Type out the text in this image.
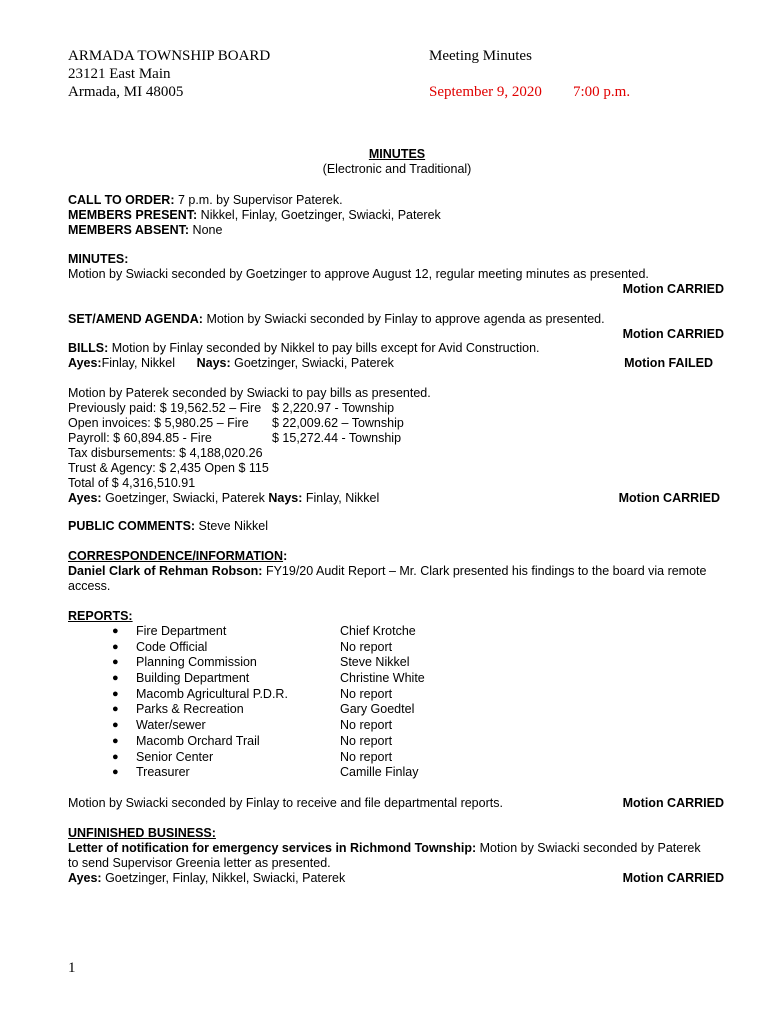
ARMADA TOWNSHIP BOARD
23121 East Main
Armada, MI 48005
Meeting Minutes
September 9, 2020 7:00 p.m.
MINUTES
(Electronic and Traditional)
CALL TO ORDER: 7 p.m. by Supervisor Paterek.
MEMBERS PRESENT: Nikkel, Finlay, Goetzinger, Swiacki, Paterek
MEMBERS ABSENT: None
MINUTES:
Motion by Swiacki seconded by Goetzinger to approve August 12, regular meeting minutes as presented.
Motion CARRIED
SET/AMEND AGENDA: Motion by Swiacki seconded by Finlay to approve agenda as presented.
Motion CARRIED
BILLS: Motion by Finlay seconded by Nikkel to pay bills except for Avid Construction.
Ayes:Finlay, Nikkel Nays: Goetzinger, Swiacki, Paterek	Motion FAILED
Motion by Paterek seconded by Swiacki to pay bills as presented.
Previously paid: $ 19,562.52 – Fire $ 2,220.97 - Township
Open invoices: $ 5,980.25 – Fire $ 22,009.62 – Township
Payroll: $ 60,894.85 - Fire	$ 15,272.44 - Township
Tax disbursements: $ 4,188,020.26
Trust & Agency: $ 2,435 Open $ 115
Total of $ 4,316,510.91
Ayes: Goetzinger, Swiacki, Paterek Nays: Finlay, Nikkel	Motion CARRIED
PUBLIC COMMENTS: Steve Nikkel
CORRESPONDENCE/INFORMATION:
Daniel Clark of Rehman Robson: FY19/20 Audit Report – Mr. Clark presented his findings to the board via remote
access.
REPORTS:
● Fire Department	Chief Krotche
● Code Official	No report
● Planning Commission	Steve Nikkel
● Building Department	Christine White
● Macomb Agricultural P.D.R.	No report
● Parks & Recreation	Gary Goedtel
● Water/sewer	No report
● Macomb Orchard Trail	No report
● Senior Center	No report
● Treasurer	Camille Finlay
Motion by Swiacki seconded by Finlay to receive and file departmental reports.	Motion CARRIED
UNFINISHED BUSINESS:
Letter of notification for emergency services in Richmond Township: Motion by Swiacki seconded by Paterek
to send Supervisor Greenia letter as presented.
Ayes: Goetzinger, Finlay, Nikkel, Swiacki, Paterek	Motion CARRIED
1
